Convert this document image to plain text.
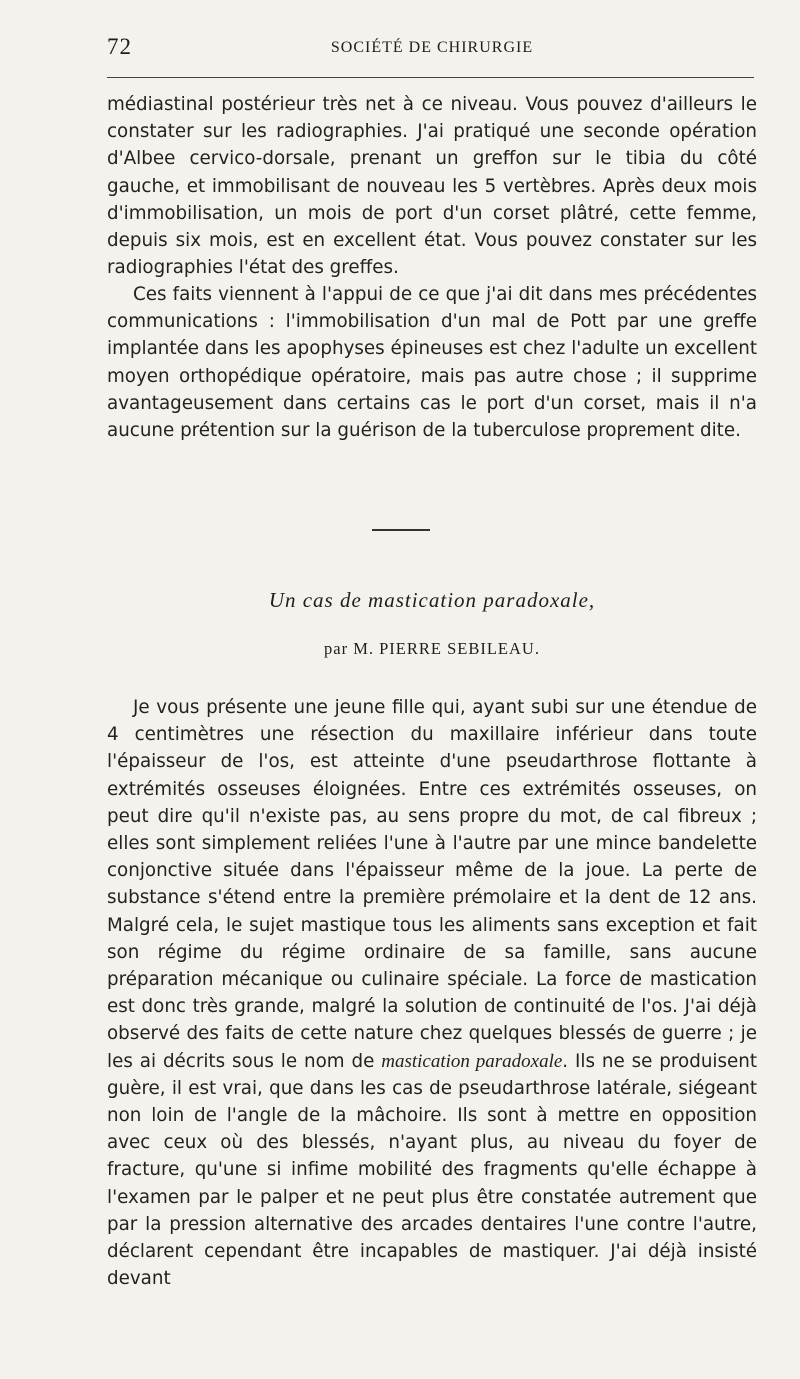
72	SOCIÉTÉ DE CHIRURGIE

médiastinal postérieur très net à ce niveau. Vous pouvez d'ailleurs le constater sur les radiographies. J'ai pratiqué une seconde opération d'Albee cervico-dorsale, prenant un greffon sur le tibia du côté gauche, et immobilisant de nouveau les 5 vertèbres. Après deux mois d'immobilisation, un mois de port d'un corset plâtré, cette femme, depuis six mois, est en excellent état. Vous pouvez constater sur les radiographies l'état des greffes.

Ces faits viennent à l'appui de ce que j'ai dit dans mes précédentes communications : l'immobilisation d'un mal de Pott par une greffe implantée dans les apophyses épineuses est chez l'adulte un excellent moyen orthopédique opératoire, mais pas autre chose ; il supprime avantageusement dans certains cas le port d'un corset, mais il n'a aucune prétention sur la guérison de la tuberculose proprement dite.

Un cas de mastication paradoxale,
par M. PIERRE SEBILEAU.

Je vous présente une jeune fille qui, ayant subi sur une étendue de 4 centimètres une résection du maxillaire inférieur dans toute l'épaisseur de l'os, est atteinte d'une pseudarthrose flottante à extrémités osseuses éloignées. Entre ces extrémités osseuses, on peut dire qu'il n'existe pas, au sens propre du mot, de cal fibreux ; elles sont simplement reliées l'une à l'autre par une mince bandelette conjonctive située dans l'épaisseur même de la joue. La perte de substance s'étend entre la première prémolaire et la dent de 12 ans. Malgré cela, le sujet mastique tous les aliments sans exception et fait son régime du régime ordinaire de sa famille, sans aucune préparation mécanique ou culinaire spéciale. La force de mastication est donc très grande, malgré la solution de continuité de l'os. J'ai déjà observé des faits de cette nature chez quelques blessés de guerre ; je les ai décrits sous le nom de mastication paradoxale. Ils ne se produisent guère, il est vrai, que dans les cas de pseudarthrose latérale, siégeant non loin de l'angle de la mâchoire. Ils sont à mettre en opposition avec ceux où des blessés, n'ayant plus, au niveau du foyer de fracture, qu'une si infime mobilité des fragments qu'elle échappe à l'examen par le palper et ne peut plus être constatée autrement que par la pression alternative des arcades dentaires l'une contre l'autre, déclarent cependant être incapables de mastiquer. J'ai déjà insisté devant
